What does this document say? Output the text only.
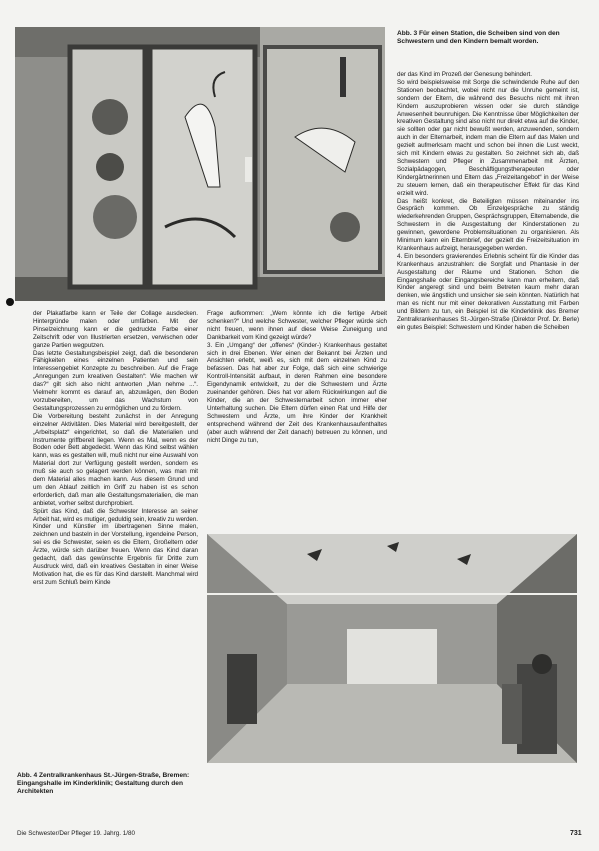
Abb. 3 Für einen Station, die Scheiben sind von den Schwestern und den Kindern bemalt worden.

der das Kind im Prozeß der Genesung behindert.

So wird beispielsweise mit Sorge die schwindende Ruhe auf den Stationen beobachtet, wobei nicht nur die Unruhe gemeint ist, sondern der Eltern, die während des Besuchs nicht mit ihren Kindern auszuprobieren wissen oder sie durch ständige Anwesenheit beunruhigen. Die Kenntnisse über Möglichkeiten der kreativen Gestaltung sind also nicht nur direkt etwa auf die Kinder, sie sollten oder gar nicht bewußt werden, anzuwenden, sondern auch in der Elternarbeit, indem man die Eltern auf das Malen und gezielt aufmerksam macht und schon bei ihnen die Lust weckt, sich mit Kindern etwas zu gestalten. So zeichnet sich ab, daß Schwestern und Pfleger in Zusammenarbeit mit Ärzten, Sozialpädagogen, Beschäftigungstherapeuten oder Kindergärtnerinnen und Eltern das „Freizeitangebot“ in der Weise zu steuern lernen, daß ein therapeutischer Effekt für das Kind erzielt wird.

Das heißt konkret, die Beteiligten müssen miteinander ins Gespräch kommen. Ob Einzelgespräche zu ständig wiederkehrenden Gruppen, Gesprächsgruppen, Elternabende, die Schwestern in die Ausgestaltung der Kinderstationen zu gewinnen, gewordene Problemsituationen zu organisieren. Als Minimum kann ein Elternbrief, der gezielt die Freizeitsituation im Krankenhaus aufzeigt, herausgegeben werden.

4. Ein besonders gravierendes Erlebnis scheint für die Kinder das Krankenhaus anzustrahlen: die Sorgfalt und Phantasie in der Ausgestaltung der Räume und Stationen. Schon die Eingangshalle oder Eingangsbereiche kann man erheitern, daß Kinder angeregt sind und beim Betreten kaum mehr daran denken, wie ängstlich und unsicher sie sein könnten. Natürlich hat man es nicht nur mit einer dekorativen Ausstattung mit Farben und Bildern zu tun, ein Beispiel ist die Kinderklinik des Bremer Zentralkrankenhauses St.-Jürgen-Straße (Direktor Prof. Dr. Berle) ein gutes Beispiel: Schwestern und Kinder haben die Scheiben

der Plakatfarbe kann er Teile der Collage ausdecken. Hintergründe malen oder umfärben. Mit der Pinselzeichnung kann er die gedruckte Farbe einer Zeitschrift oder von Illustrierten ersetzen, verwischen oder ganze Partien wegputzen.

Das letzte Gestaltungsbeispiel zeigt, daß die besonderen Fähigkeiten eines einzelnen Patienten und sein Interessengebiet Konzepte zu beschreiben. Auf die Frage „Anregungen zum kreativen Gestalten“: Wie machen wir das?“ gilt sich also nicht antworten „Man nehme ...“. Vielmehr kommt es darauf an, abzuwägen, den Boden vorzubereiten, um das Wachstum von Gestaltungsprozessen zu ermöglichen und zu fördern.

Die Vorbereitung besteht zunächst in der Anregung einzelner Aktivitäten. Dies Material wird bereitgestellt, der „Arbeitsplatz“ eingerichtet, so daß die Materialien und Instrumente griffbereit liegen. Wenn es Mal, wenn es der Boden oder Bett abgedeckt. Wenn das Kind selbst wählen kann, was es gestalten will, muß nicht nur eine Auswahl von Material dort zur Verfügung gestellt werden, sondern es muß sie auch so gelagert werden können, was man mit dem Material alles machen kann. Aus diesem Grund und um den Ablauf zeitlich im Griff zu haben ist es schon erforderlich, daß man alle Gestaltungsmaterialien, die man anbietet, vorher selbst durchprobiert.

Spürt das Kind, daß die Schwester Interesse an seiner Arbeit hat, wird es mutiger, geduldig sein, kreativ zu werden. Kinder und Künstler im übertragenen Sinne malen, zeichnen und basteln in der Vorstellung, irgendeine Person, sei es die Schwester, seien es die Eltern, Großeltern oder Ärzte, würde sich darüber freuen. Wenn das Kind daran gedacht, daß das gewünschte Ergebnis für Dritte zum Ausdruck wird, daß ein kreatives Gestalten in einer Weise Motivation hat, die es für das Kind darstellt. Manchmal wird erst zum Schluß beim Kinde

Frage aufkommen: „Wem könnte ich die fertige Arbeit schenken?“ Und welche Schwester, welcher Pfleger würde sich nicht freuen, wenn ihnen auf diese Weise Zuneigung und Dankbarkeit vom Kind gezeigt würde?

3. Ein „Umgang“ der „offenes“ (Kinder-) Krankenhaus gestaltet sich in drei Ebenen. Wer einen der Bekannt bei Ärzten und Ansichten erlebt, weiß es, sich mit dem einzelnen Kind zu befassen. Das hat aber zur Folge, daß sich eine schwierige Kontroll-Intensität aufbaut, in deren Rahmen eine besondere Eigendynamik entwickelt, zu der die Schwestern und Ärzte zueinander gehören. Dies hat vor allem Rückwirkungen auf die Kinder, die an der Schwesternarbeit schon immer eher Unterhaltung suchen. Die Eltern dürfen einen Rat und Hilfe der Schwestern und Ärzte, um ihre Kinder der Krankheit entsprechend während der Zeit des Krankenhausaufenthaltes (aber auch während der Zeit danach) betreuen zu können, und nicht Dinge zu tun,

Abb. 4 Zentralkrankenhaus St.-Jürgen-Straße, Bremen: Eingangshalle im Kinderklinik; Gestaltung durch den Architekten
Die Schwester/Der Pfleger 19. Jahrg. 1/80	731
